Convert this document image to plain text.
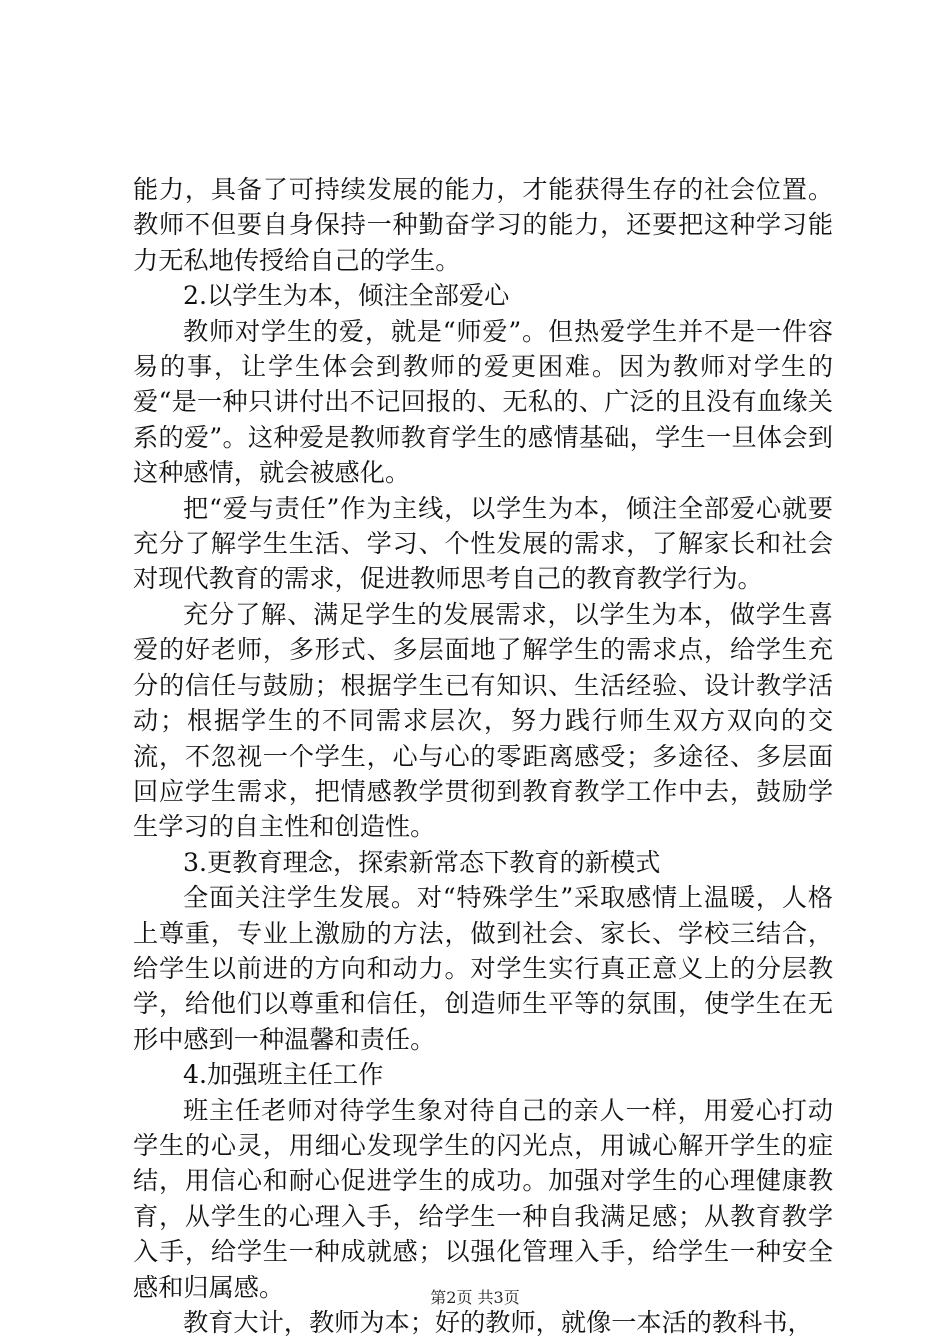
能力，具备了可持续发展的能力，才能获得生存的社会位置。教师不但要自身保持一种勤奋学习的能力，还要把这种学习能力无私地传授给自己的学生。

2.以学生为本，倾注全部爱心

教师对学生的爱，就是“师爱”。但热爱学生并不是一件容易的事，让学生体会到教师的爱更困难。因为教师对学生的爱“是一种只讲付出不记回报的、无私的、广泛的且没有血缘关系的爱”。这种爱是教师教育学生的感情基础，学生一旦体会到这种感情，就会被感化。

把“爱与责任”作为主线，以学生为本，倾注全部爱心就要充分了解学生生活、学习、个性发展的需求，了解家长和社会对现代教育的需求，促进教师思考自己的教育教学行为。

充分了解、满足学生的发展需求，以学生为本，做学生喜爱的好老师，多形式、多层面地了解学生的需求点，给学生充分的信任与鼓励；根据学生已有知识、生活经验、设计教学活动；根据学生的不同需求层次，努力践行师生双方双向的交流，不忽视一个学生，心与心的零距离感受；多途径、多层面回应学生需求，把情感教学贯彻到教育教学工作中去，鼓励学生学习的自主性和创造性。

3.更教育理念，探索新常态下教育的新模式

全面关注学生发展。对“特殊学生”采取感情上温暖，人格上尊重，专业上激励的方法，做到社会、家长、学校三结合，给学生以前进的方向和动力。对学生实行真正意义上的分层教学，给他们以尊重和信任，创造师生平等的氛围，使学生在无形中感到一种温馨和责任。

4.加强班主任工作

班主任老师对待学生象对待自己的亲人一样，用爱心打动学生的心灵，用细心发现学生的闪光点，用诚心解开学生的症结，用信心和耐心促进学生的成功。加强对学生的心理健康教育，从学生的心理入手，给学生一种自我满足感；从教育教学入手，给学生一种成就感；以强化管理入手，给学生一种安全感和归属感。

教育大计，教师为本；好的教师，就像一本活的教科书，

第2页 共3页
